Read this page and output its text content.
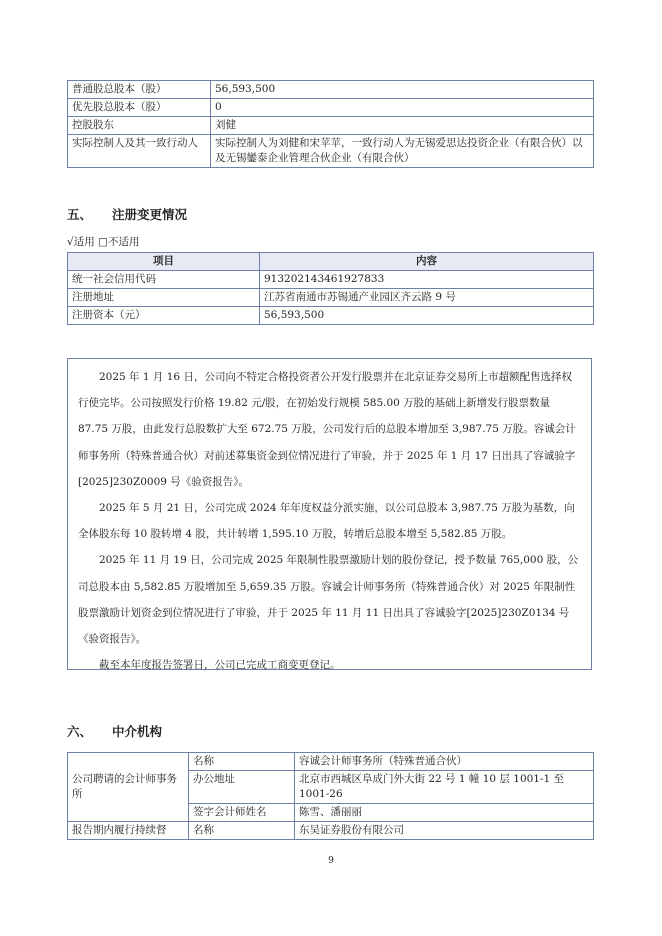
普通股总股本（股）	56,593,500
优先股总股本（股）	0
控股股东	刘健
实际控制人及其一致行动人	实际控制人为刘健和宋苹苹，一致行动人为无锡爱思达投资企业（有限合伙）以及无锡鑾泰企业管理合伙企业（有限合伙）
五、 注册变更情况
√适用 □不适用
项目	内容
统一社会信用代码	913202143461927833
注册地址	江苏省南通市苏锡通产业园区齐云路 9 号
注册资本（元）	56,593,500

2025 年 1 月 16 日，公司向不特定合格投资者公开发行股票并在北京证券交易所上市超额配售选择权行使完毕。公司按照发行价格 19.82 元/股，在初始发行规模 585.00 万股的基础上新增发行股票数量 87.75 万股，由此发行总股数扩大至 672.75 万股，公司发行后的总股本增加至 3,987.75 万股。容诚会计师事务所（特殊普通合伙）对前述募集资金到位情况进行了审验，并于 2025 年 1 月 17 日出具了容诚验字[2025]230Z0009 号《验资报告》。

2025 年 5 月 21 日，公司完成 2024 年年度权益分派实施，以公司总股本 3,987.75 万股为基数，向全体股东每 10 股转增 4 股，共计转增 1,595.10 万股，转增后总股本增至 5,582.85 万股。

2025 年 11 月 19 日，公司完成 2025 年限制性股票激励计划的股份登记，授予数量 765,000 股，公司总股本由 5,582.85 万股增加至 5,659.35 万股。容诚会计师事务所（特殊普通合伙）对 2025 年限制性股票激励计划资金到位情况进行了审验，并于 2025 年 11 月 11 日出具了容诚验字[2025]230Z0134 号《验资报告》。

截至本年度报告签署日，公司已完成工商变更登记。

六、 中介机构
公司聘请的会计师事务所	名称	容诚会计师事务所（特殊普通合伙）
	办公地址	北京市西城区阜成门外大街 22 号 1 幢 10 层 1001-1 至 1001-26
	签字会计师姓名	陈雪、潘丽丽
报告期内履行持续督	名称	东吴证券股份有限公司
9
